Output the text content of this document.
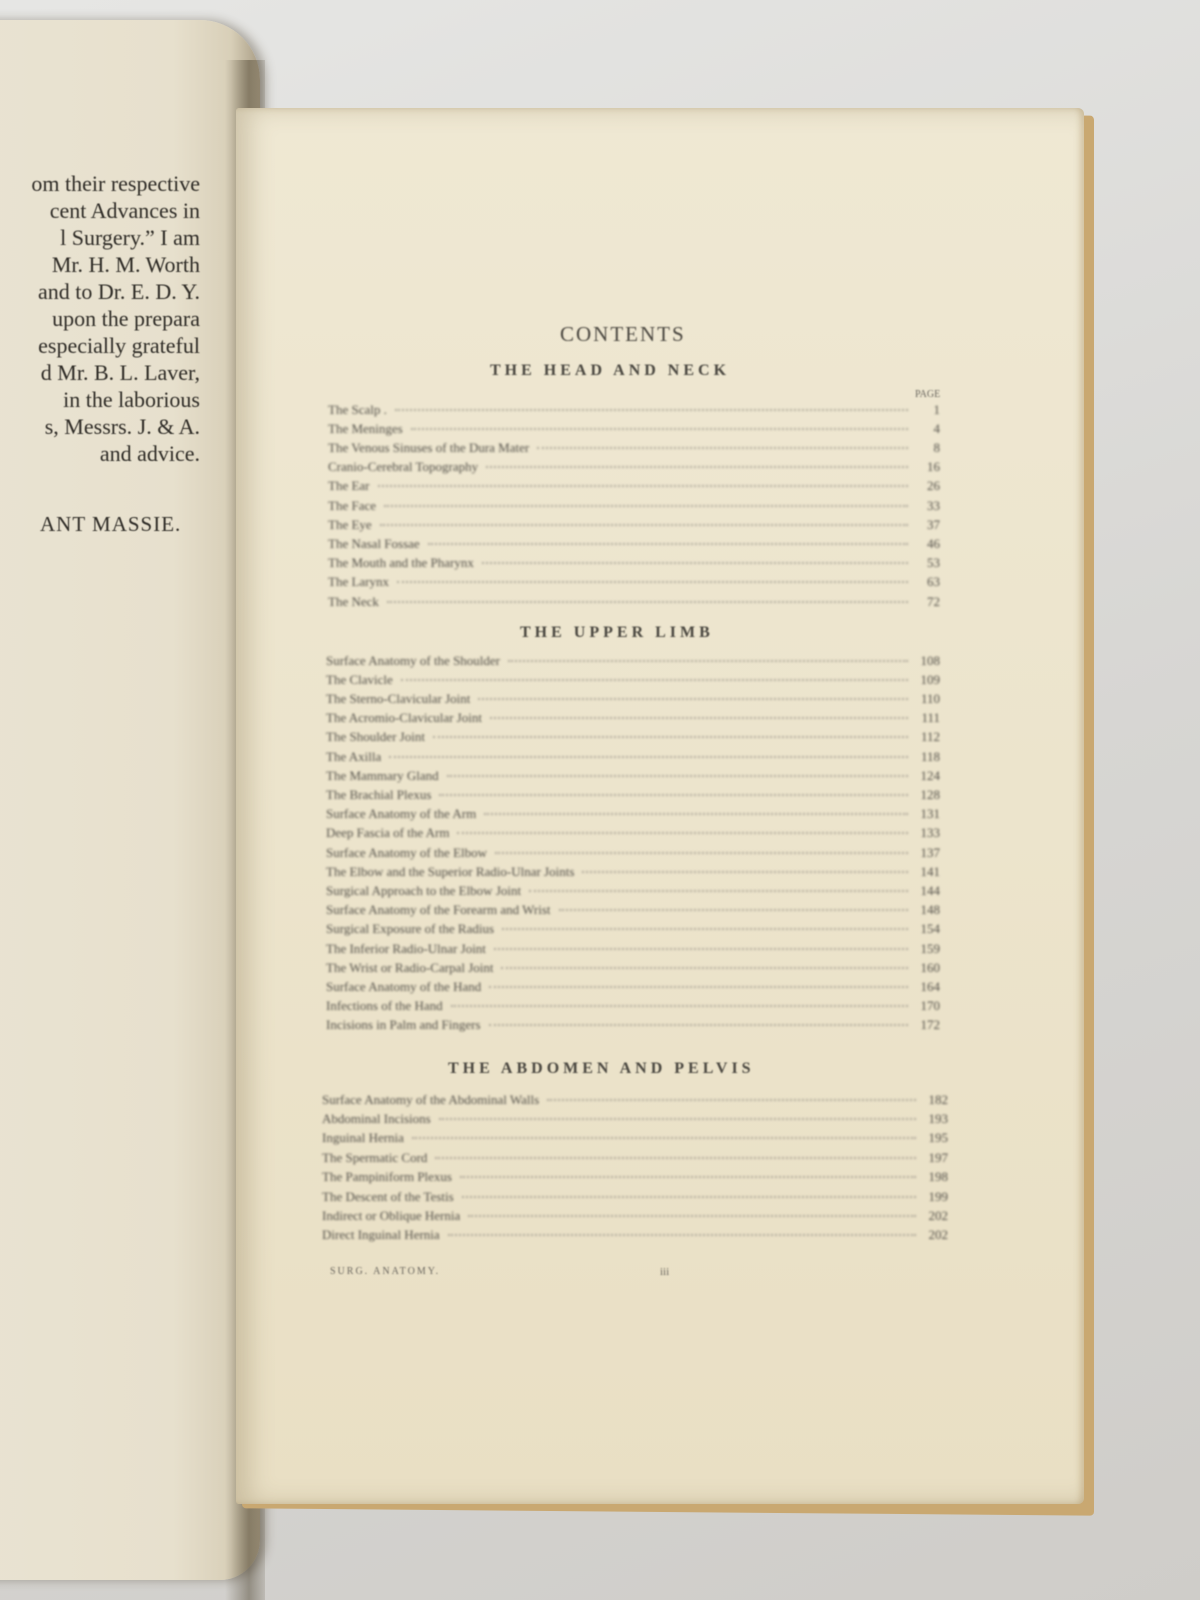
om their respective
cent Advances in
l Surgery.” I am
Mr. H. M. Worth
and to Dr. E. D. Y.
upon the prepara
especially grateful
d Mr. B. L. Laver,
in the laborious
s, Messrs. J. & A.
and advice.
ANT MASSIE.
CONTENTS
PAGE
THE HEAD AND NECK
The Scalp .	1
The Meninges	4
The Venous Sinuses of the Dura Mater	8
Cranio-Cerebral Topography	16
The Ear	26
The Face	33
The Eye	37
The Nasal Fossae	46
The Mouth and the Pharynx	53
The Larynx	63
The Neck	72
THE UPPER LIMB
Surface Anatomy of the Shoulder	108
The Clavicle	109
The Sterno-Clavicular Joint	110
The Acromio-Clavicular Joint	111
The Shoulder Joint	112
The Axilla	118
The Mammary Gland	124
The Brachial Plexus	128
Surface Anatomy of the Arm	131
Deep Fascia of the Arm	133
Surface Anatomy of the Elbow	137
The Elbow and the Superior Radio-Ulnar Joints	141
Surgical Approach to the Elbow Joint	144
Surface Anatomy of the Forearm and Wrist	148
Surgical Exposure of the Radius	154
The Inferior Radio-Ulnar Joint	159
The Wrist or Radio-Carpal Joint	160
Surface Anatomy of the Hand	164
Infections of the Hand	170
Incisions in Palm and Fingers	172
THE ABDOMEN AND PELVIS
Surface Anatomy of the Abdominal Walls	182
Abdominal Incisions	193
Inguinal Hernia	195
The Spermatic Cord	197
The Pampiniform Plexus	198
The Descent of the Testis	199
Indirect or Oblique Hernia	202
Direct Inguinal Hernia	202
SURG. ANATOMY.	iii
